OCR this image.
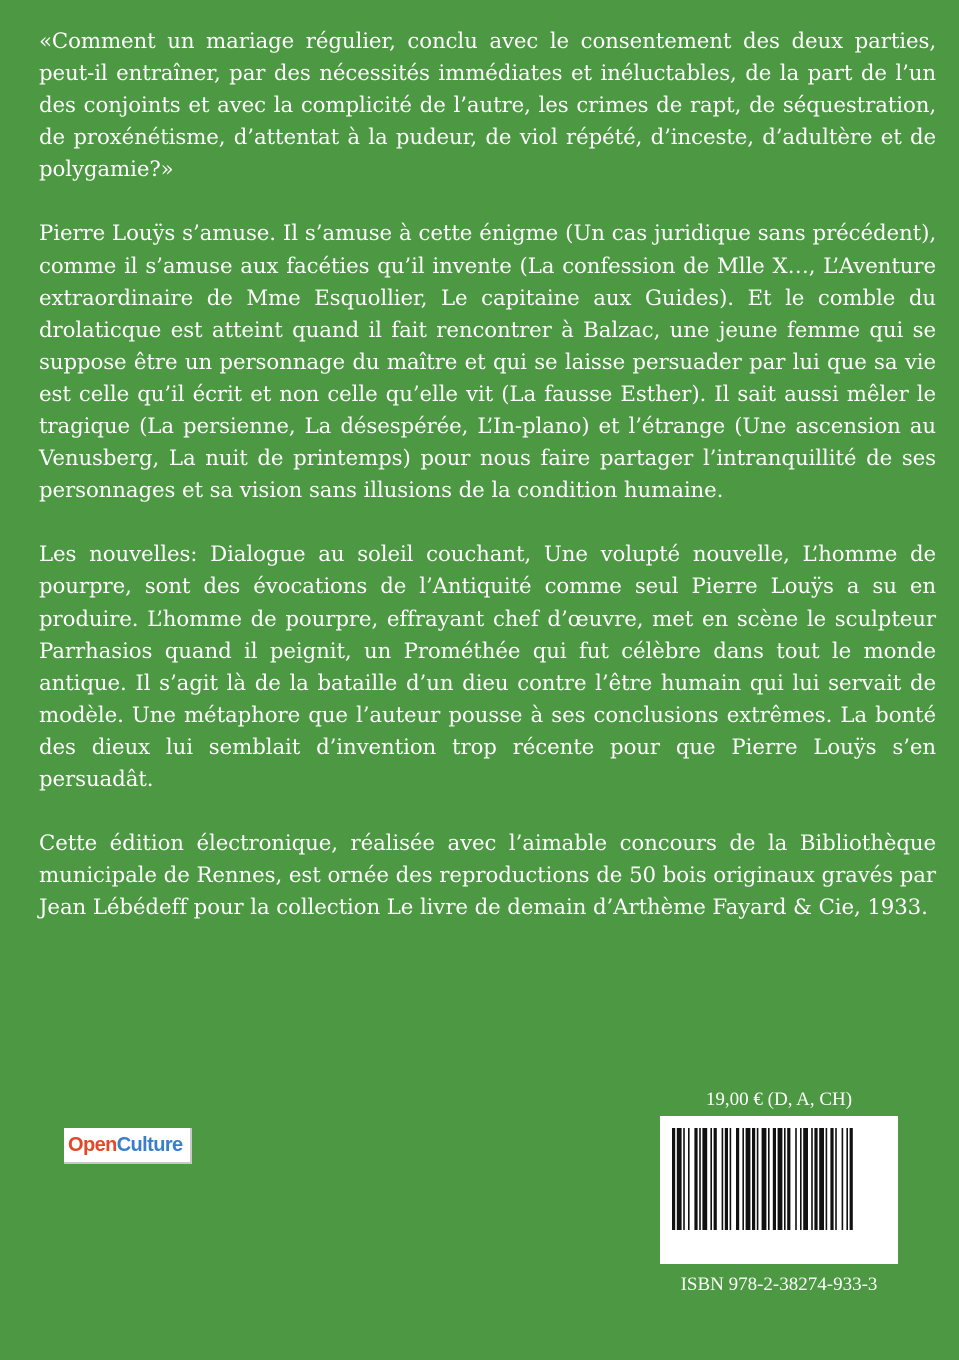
«Comment un mariage régulier, conclu avec le consentement des deux parties, peut-il entraîner, par des nécessités immédiates et inéluctables, de la part de l’un des conjoints et avec la complicité de l’autre, les crimes de rapt, de séquestration, de proxénétisme, d’attentat à la pudeur, de viol répété, d’inceste, d’adultère et de polygamie?»

Pierre Louÿs s’amuse. Il s’amuse à cette énigme (Un cas juridique sans précédent), comme il s’amuse aux facéties qu’il invente (La confession de Mlle X…, L’Aventure extraordinaire de Mme Esquollier, Le capitaine aux Guides). Et le comble du drolaticque est atteint quand il fait rencontrer à Balzac, une jeune femme qui se suppose être un personnage du maître et qui se laisse persuader par lui que sa vie est celle qu’il écrit et non celle qu’elle vit (La fausse Esther). Il sait aussi mêler le tragique (La persienne, La désespérée, L’In-plano) et l’étrange (Une ascension au Venusberg, La nuit de printemps) pour nous faire partager l’intranquillité de ses personnages et sa vision sans illusions de la condition humaine.

Les nouvelles: Dialogue au soleil couchant, Une volupté nouvelle, L’homme de pourpre, sont des évocations de l’Antiquité comme seul Pierre Louÿs a su en produire. L’homme de pourpre, effrayant chef d’œuvre, met en scène le sculpteur Parrhasios quand il peignit, un Prométhée qui fut célèbre dans tout le monde antique. Il s’agit là de la bataille d’un dieu contre l’être humain qui lui servait de modèle. Une métaphore que l’auteur pousse à ses conclusions extrêmes. La bonté des dieux lui semblait d’invention trop récente pour que Pierre Louÿs s’en persuadât.

Cette édition électronique, réalisée avec l’aimable concours de la Bibliothèque municipale de Rennes, est ornée des reproductions de 50 bois originaux gravés par Jean Lébédeff pour la collection Le livre de demain d’Arthème Fayard & Cie, 1933.

Open Culture
19,00 € (D, A, CH)
ISBN 978-2-38274-933-3
